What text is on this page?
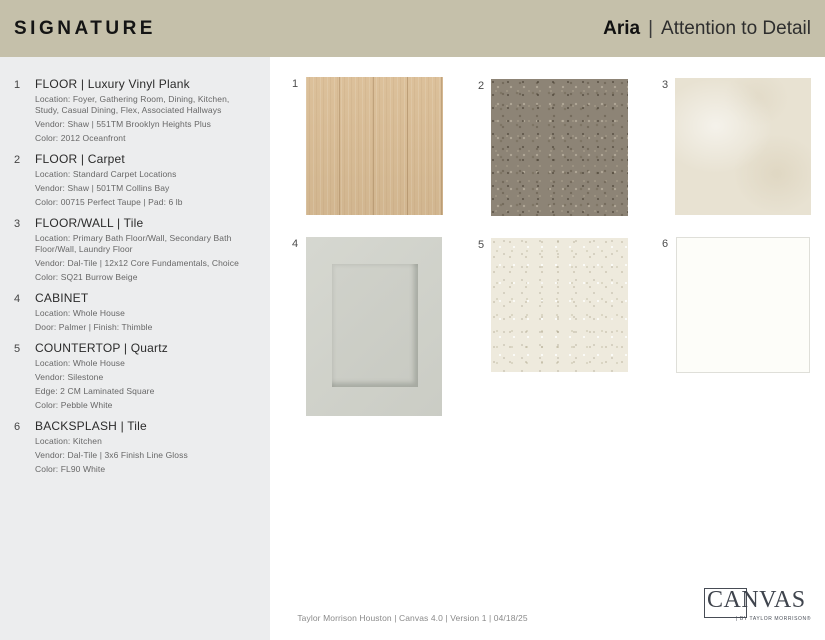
SIGNATURE	Aria | Attention to Detail
1	FLOOR | Luxury Vinyl Plank
Location: Foyer, Gathering Room, Dining, Kitchen, Study, Casual Dining, Flex, Associated Hallways
Vendor: Shaw | 551TM Brooklyn Heights Plus
Color: 2012 Oceanfront
2	FLOOR | Carpet
Location: Standard Carpet Locations
Vendor: Shaw | 501TM Collins Bay
Color: 00715 Perfect Taupe | Pad: 6 lb
3	FLOOR/WALL | Tile
Location: Primary Bath Floor/Wall, Secondary Bath Floor/Wall, Laundry Floor
Vendor: Dal-Tile | 12x12 Core Fundamentals, Choice
Color: SQ21 Burrow Beige
4	CABINET
Location: Whole House
Door: Palmer | Finish: Thimble
5	COUNTERTOP | Quartz
Location: Whole House
Vendor: Silestone
Edge: 2 CM Laminated Square
Color: Pebble White
6	BACKSPLASH | Tile
Location: Kitchen
Vendor: Dal-Tile | 3x6 Finish Line Gloss
Color: FL90 White
1	2	3
4	5	6
Taylor Morrison Houston | Canvas 4.0 | Version 1 | 04/18/25
CANVAS
| BY TAYLOR MORRISON®
